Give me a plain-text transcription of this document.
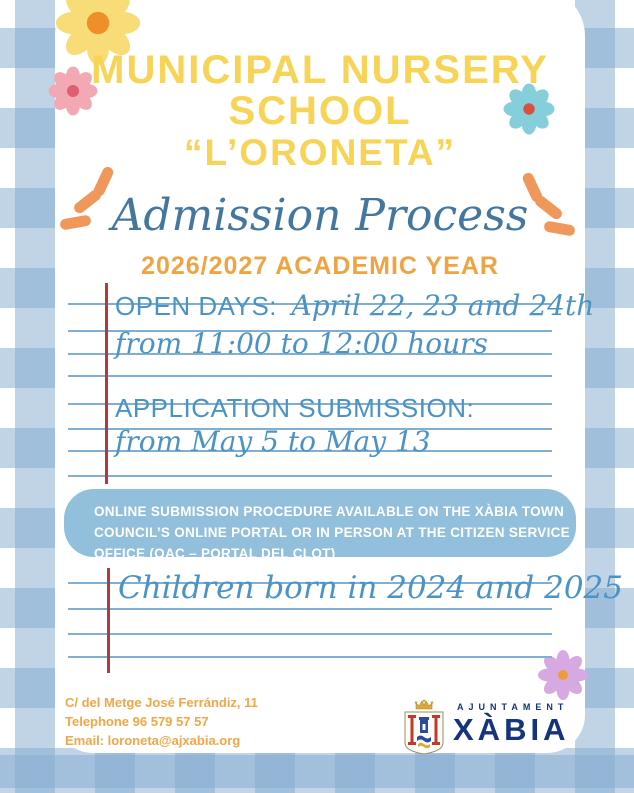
MUNICIPAL NURSERY
SCHOOL
“L’ORONETA”
Admission Process
2026/2027 ACADEMIC YEAR
OPEN DAYS: April 22, 23 and 24th
from 11:00 to 12:00 hours
APPLICATION SUBMISSION:
from May 5 to May 13
ONLINE SUBMISSION PROCEDURE AVAILABLE ON THE XÀBIA TOWN
COUNCIL’S ONLINE PORTAL OR IN PERSON AT THE CITIZEN SERVICE
OFFICE (OAC – PORTAL DEL CLOT)
Children born in 2024 and 2025
C/ del Metge José Ferrándiz, 11
Telephone 96 579 57 57
Email: loroneta@ajxabia.org
AJUNTAMENT
XÀBIA
